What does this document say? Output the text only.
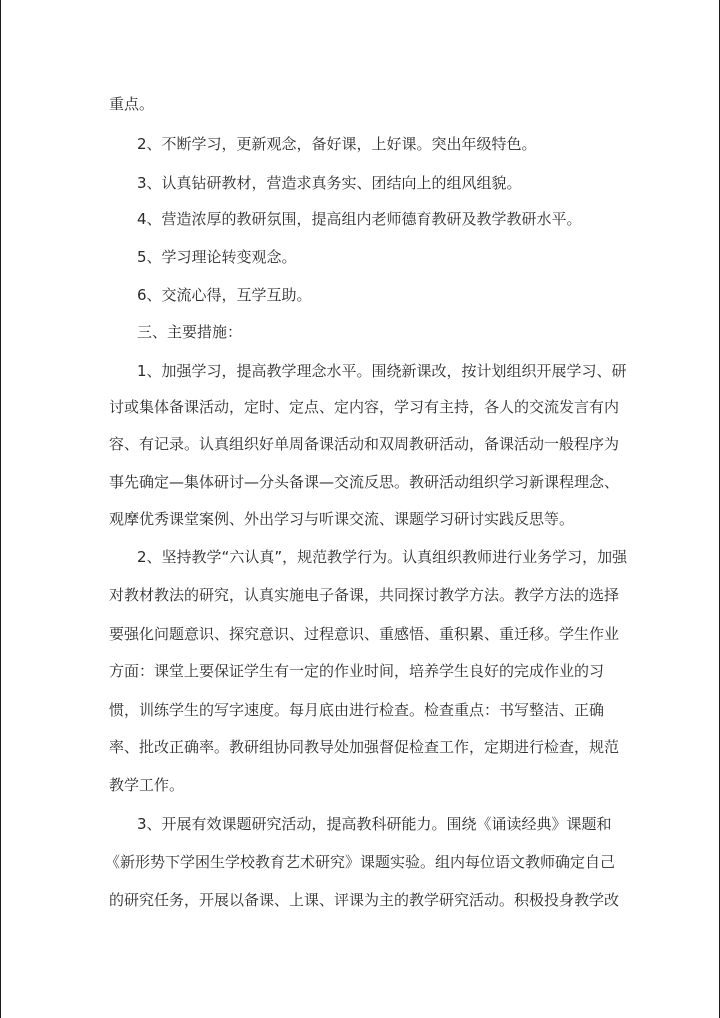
重点。
2、不断学习，更新观念，备好课，上好课。突出年级特色。
3、认真钻研教材，营造求真务实、团结向上的组风组貌。
4、营造浓厚的教研氛围，提高组内老师德育教研及教学教研水平。
5、学习理论转变观念。
6、交流心得，互学互助。
三、主要措施：
1、加强学习，提高教学理念水平。围绕新课改，按计划组织开展学习、研
讨或集体备课活动，定时、定点、定内容，学习有主持，各人的交流发言有内
容、有记录。认真组织好单周备课活动和双周教研活动，备课活动一般程序为
事先确定—集体研讨—分头备课—交流反思。教研活动组织学习新课程理念、
观摩优秀课堂案例、外出学习与听课交流、课题学习研讨实践反思等。
2、坚持教学“六认真”，规范教学行为。认真组织教师进行业务学习，加强
对教材教法的研究，认真实施电子备课，共同探讨教学方法。教学方法的选择
要强化问题意识、探究意识、过程意识、重感悟、重积累、重迁移。学生作业
方面：课堂上要保证学生有一定的作业时间，培养学生良好的完成作业的习
惯，训练学生的写字速度。每月底由进行检查。检查重点：书写整洁、正确
率、批改正确率。教研组协同教导处加强督促检查工作，定期进行检查，规范
教学工作。
3、开展有效课题研究活动，提高教科研能力。围绕《诵读经典》课题和
《新形势下学困生学校教育艺术研究》课题实验。组内每位语文教师确定自己
的研究任务，开展以备课、上课、评课为主的教学研究活动。积极投身教学改
